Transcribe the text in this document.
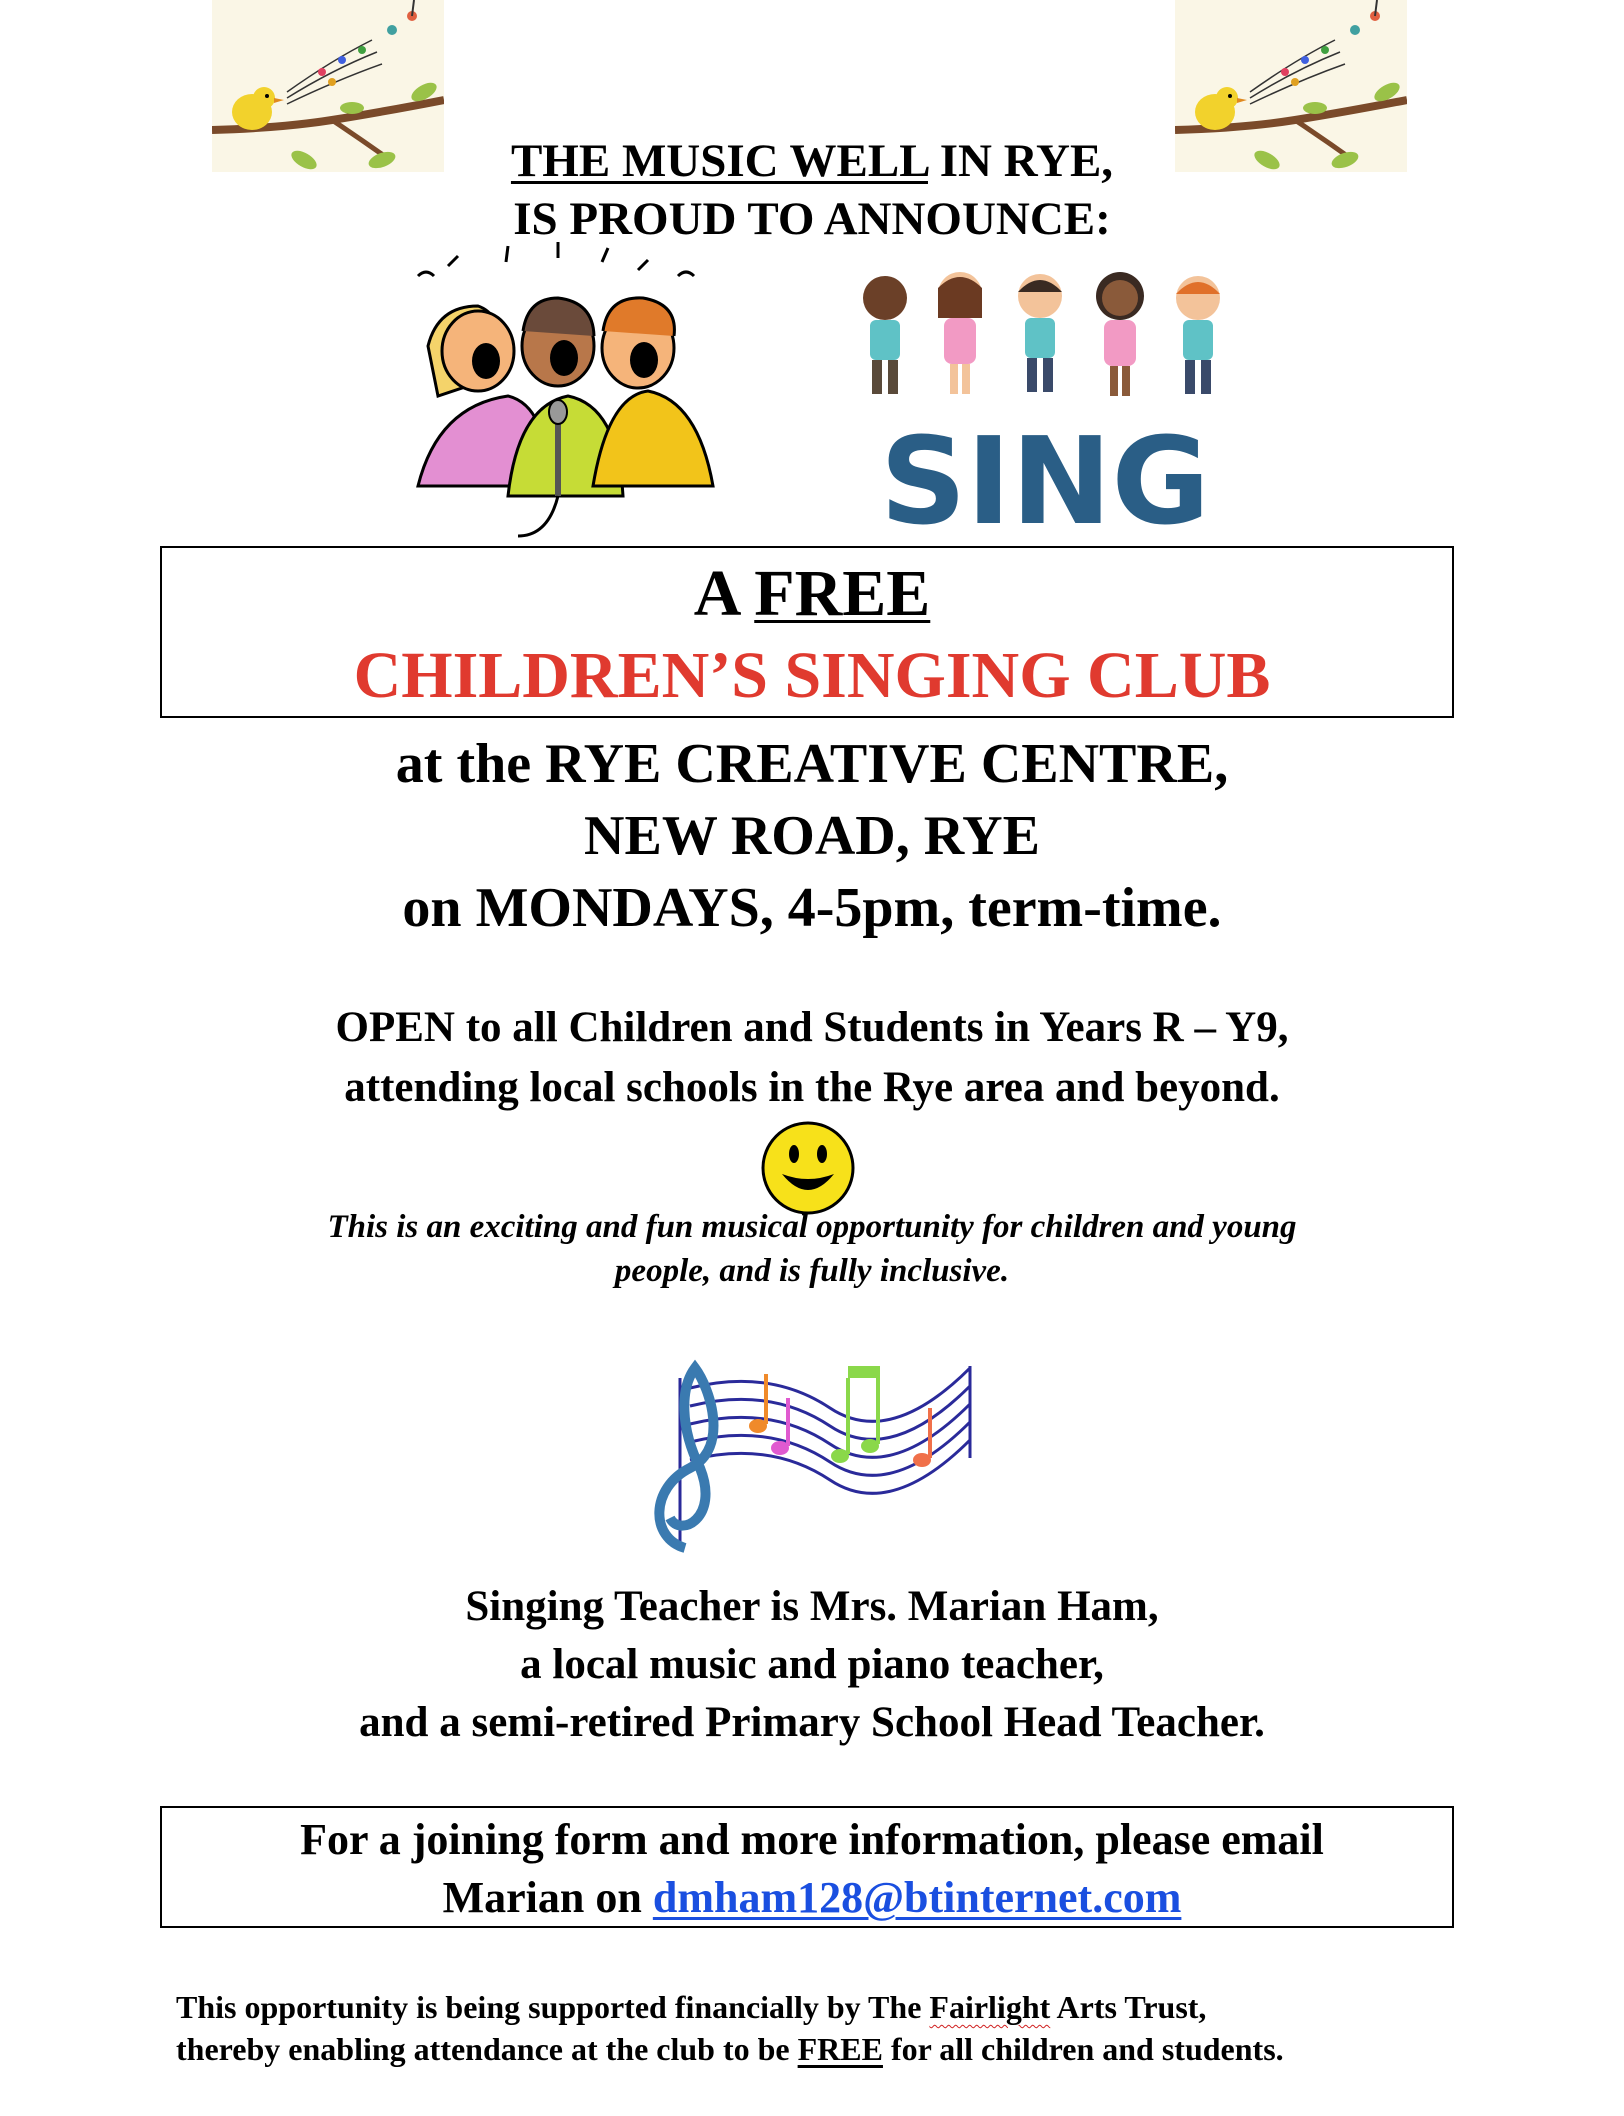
THE MUSIC WELL IN RYE,
IS PROUD TO ANNOUNCE:
SING
A FREE
CHILDREN’S SINGING CLUB
at the RYE CREATIVE CENTRE,
NEW ROAD, RYE
on MONDAYS, 4-5pm, term-time.
OPEN to all Children and Students in Years R – Y9,
attending local schools in the Rye area and beyond.
This is an exciting and fun musical opportunity for children and young
people, and is fully inclusive.
Singing Teacher is Mrs. Marian Ham,
a local music and piano teacher,
and a semi-retired Primary School Head Teacher.
For a joining form and more information, please email
Marian on dmham128@btinternet.com
This opportunity is being supported financially by The Fairlight Arts Trust,
thereby enabling attendance at the club to be FREE for all children and students.
